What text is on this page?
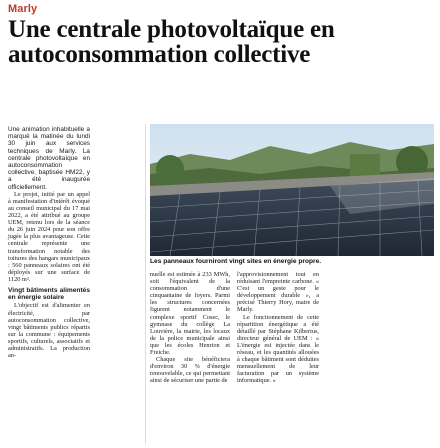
Marly
Une centrale photovoltaïque en autoconsommation collective

Une animation inhabituelle a marqué la matinée du lundi 30 juin aux services techniques de Marly. La centrale photovoltaïque en autoconsommation collective, baptisée HM22, y a été inaugurée officiellement.

Le projet, initié par un appel à manifestation d'intérêt évoqué au conseil municipal du 17 mai 2022, a été attribué au groupe UEM, retenu lors de la séance du 26 juin 2024 pour son offre jugée la plus avantageuse. Cette centrale représente une transformation notable des toitures des hangars municipaux : 560 panneaux solaires ont été déployés sur une surface de 1120 m².

Vingt bâtiments alimentés en énergie solaire

L'objectif est d'alimenter en électricité, par autoconsommation collective, vingt bâtiments publics répartis sur la commune : équipements sportifs, culturels, associatifs et administratifs. La production an-

Les panneaux fourniront vingt sites en énergie propre.

nuelle est estimée à 233 MWh, soit l'équivalent de la consommation d'une cinquantaine de foyers. Parmi les structures concernées figurent notamment le complexe sportif Cosec, le gymnase du collège La Louvière, la mairie, les locaux de la police municipale ainsi que les écoles Henrion et Freiche.

Chaque site bénéficiera d'environ 30 % d'énergie renouvelable, ce qui permettant ainsi de sécuriser une partie de

l'approvisionnement tout en réduisant l'empreinte carbone. « C'est un geste pour le développement durable », a précisé Thierry Hory, maire de Marly.

Le fonctionnement de cette répartition énergétique a été détaillé par Stéphane Kilbertus, directeur général de UEM : « L'énergie est injectée dans le réseau, et les quantités allouées à chaque bâtiment sont déduites mensuellement de leur facturation par un système informatique. »
